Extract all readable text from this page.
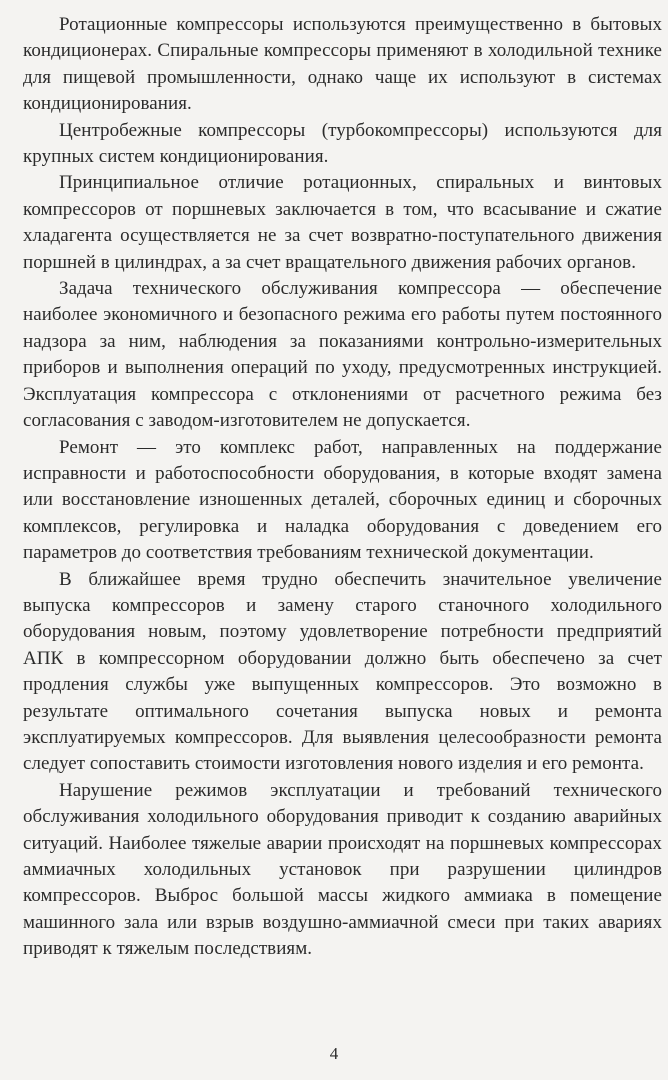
Ротационные компрессоры используются преимущественно в бытовых кондиционерах. Спиральные компрессоры применяют в холодильной технике для пищевой промышленности, однако чаще их используют в системах кондиционирования.

Центробежные компрессоры (турбокомпрессоры) используются для крупных систем кондиционирования.

Принципиальное отличие ротационных, спиральных и винтовых компрессоров от поршневых заключается в том, что всасывание и сжатие хладагента осуществляется не за счет возвратно-поступательного движения поршней в цилиндрах, а за счет вращательного движения рабочих органов.

Задача технического обслуживания компрессора — обеспечение наиболее экономичного и безопасного режима его работы путем постоянного надзора за ним, наблюдения за показаниями контрольно-измерительных приборов и выполнения операций по уходу, предусмотренных инструкцией. Эксплуатация компрессора с отклонениями от расчетного режима без согласования с заводом-изготовителем не допускается.

Ремонт — это комплекс работ, направленных на поддержание исправности и работоспособности оборудования, в которые входят замена или восстановление изношенных деталей, сборочных единиц и сборочных комплексов, регулировка и наладка оборудования с доведением его параметров до соответствия требованиям технической документации.

В ближайшее время трудно обеспечить значительное увеличение выпуска компрессоров и замену старого станочного холодильного оборудования новым, поэтому удовлетворение потребности предприятий АПК в компрессорном оборудовании должно быть обеспечено за счет продления службы уже выпущенных компрессоров. Это возможно в результате оптимального сочетания выпуска новых и ремонта эксплуатируемых компрессоров. Для выявления целесообразности ремонта следует сопоставить стоимости изготовления нового изделия и его ремонта.

Нарушение режимов эксплуатации и требований технического обслуживания холодильного оборудования приводит к созданию аварийных ситуаций. Наиболее тяжелые аварии происходят на поршневых компрессорах аммиачных холодильных установок при разрушении цилиндров компрессоров. Выброс большой массы жидкого аммиака в помещение машинного зала или взрыв воздушно-аммиачной смеси при таких авариях приводят к тяжелым последствиям.

4
